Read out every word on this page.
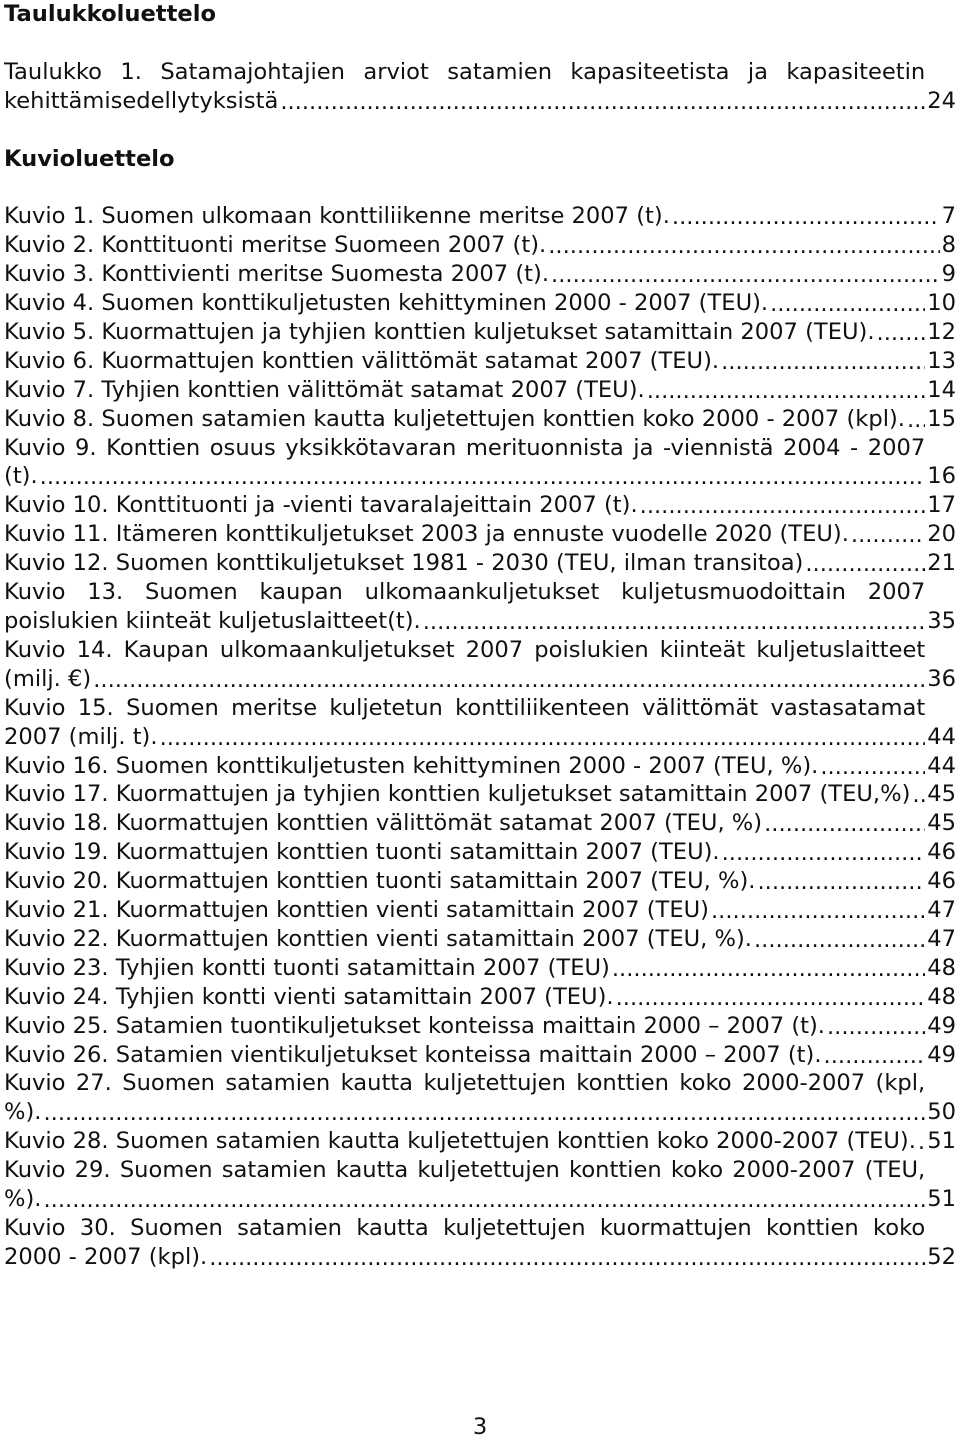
Taulukkoluettelo
Taulukko 1. Satamajohtajien arviot satamien kapasiteetista ja kapasiteetin kehittämisedellytyksistä .....	24
Kuvioluettelo
Kuvio 1. Suomen ulkomaan konttiliikenne meritse 2007 (t). .....	7
Kuvio 2. Konttituonti meritse Suomeen 2007 (t). .....	8
Kuvio 3. Konttivienti meritse Suomesta 2007 (t). .....	9
Kuvio 4. Suomen konttikuljetusten kehittyminen 2000 - 2007 (TEU). .....	10
Kuvio 5. Kuormattujen ja tyhjien konttien kuljetukset satamittain 2007 (TEU). .....	12
Kuvio 6. Kuormattujen konttien välittömät satamat 2007 (TEU). .....	13
Kuvio 7. Tyhjien konttien välittömät satamat 2007 (TEU). .....	14
Kuvio 8. Suomen satamien kautta kuljetettujen konttien koko 2000 - 2007 (kpl). ..... 15
Kuvio 9. Konttien osuus yksikkötavaran merituonnista ja -viennistä 2004 - 2007 (t). .....	16
Kuvio 10. Konttituonti ja -vienti tavaralajeittain 2007 (t). .....	17
Kuvio 11. Itämeren konttikuljetukset 2003 ja ennuste vuodelle 2020 (TEU). .....	20
Kuvio 12. Suomen konttikuljetukset 1981 - 2030 (TEU, ilman transitoa) .....	21
Kuvio 13. Suomen kaupan ulkomaankuljetukset kuljetusmuodoittain 2007 poislukien kiinteät kuljetuslaitteet(t). .....	35
Kuvio 14. Kaupan ulkomaankuljetukset 2007 poislukien kiinteät kuljetuslaitteet (milj. €) .....	36
Kuvio 15. Suomen meritse kuljetetun konttiliikenteen välittömät vastasatamat 2007 (milj. t). .....	44
Kuvio 16. Suomen konttikuljetusten kehittyminen 2000 - 2007 (TEU, %). .....	44
Kuvio 17. Kuormattujen ja tyhjien konttien kuljetukset satamittain 2007 (TEU,%) ..... 45
Kuvio 18. Kuormattujen konttien välittömät satamat 2007 (TEU, %) .....	45
Kuvio 19. Kuormattujen konttien tuonti satamittain 2007 (TEU). .....	46
Kuvio 20. Kuormattujen konttien tuonti satamittain 2007 (TEU, %). .....	46
Kuvio 21. Kuormattujen konttien vienti satamittain 2007 (TEU) .....	47
Kuvio 22. Kuormattujen konttien vienti satamittain 2007 (TEU, %). .....	47
Kuvio 23. Tyhjien kontti tuonti satamittain 2007 (TEU) .....	48
Kuvio 24. Tyhjien kontti vienti satamittain 2007 (TEU). .....	48
Kuvio 25. Satamien tuontikuljetukset konteissa maittain 2000 – 2007 (t). .....	49
Kuvio 26. Satamien vientikuljetukset konteissa maittain 2000 – 2007 (t). .....	49
Kuvio 27. Suomen satamien kautta kuljetettujen konttien koko 2000-2007 (kpl, %). .....	50
Kuvio 28. Suomen satamien kautta kuljetettujen konttien koko 2000-2007 (TEU). ..... 51
Kuvio 29. Suomen satamien kautta kuljetettujen konttien koko 2000-2007 (TEU, %). .....	51
Kuvio 30. Suomen satamien kautta kuljetettujen kuormattujen konttien koko 2000 - 2007 (kpl). .....	52
3
